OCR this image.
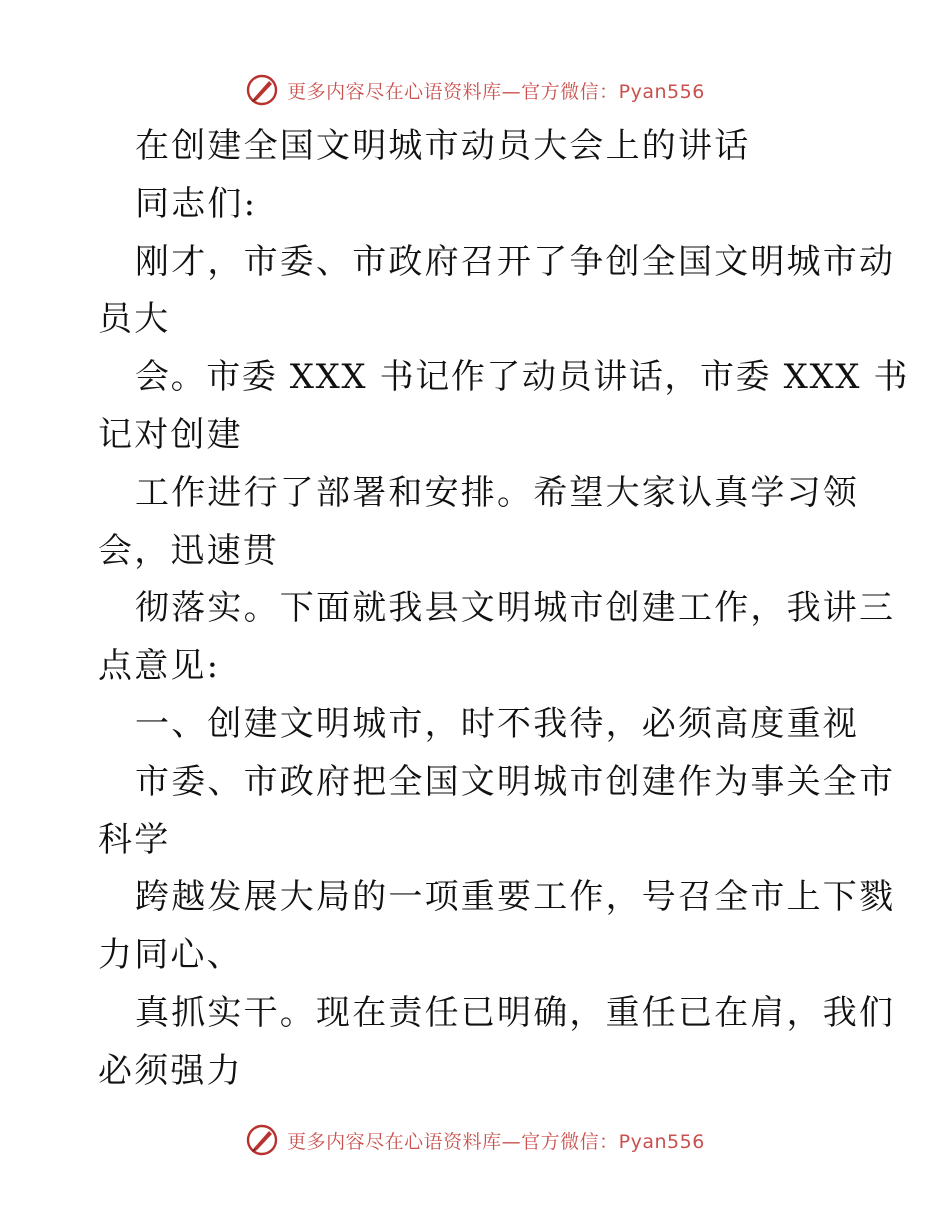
更多内容尽在心语资料库—官方微信：Pyan556
在创建全国文明城市动员大会上的讲话
同志们:
刚才，市委、市政府召开了争创全国文明城市动
员大
会。市委 XXX 书记作了动员讲话，市委 XXX 书
记对创建
工作进行了部署和安排。希望大家认真学习领
会，迅速贯
彻落实。下面就我县文明城市创建工作，我讲三
点意见:
一、创建文明城市，时不我待，必须高度重视
市委、市政府把全国文明城市创建作为事关全市
科学
跨越发展大局的一项重要工作，号召全市上下戮
力同心、
真抓实干。现在责任已明确，重任已在肩，我们
必须强力
更多内容尽在心语资料库—官方微信：Pyan556
